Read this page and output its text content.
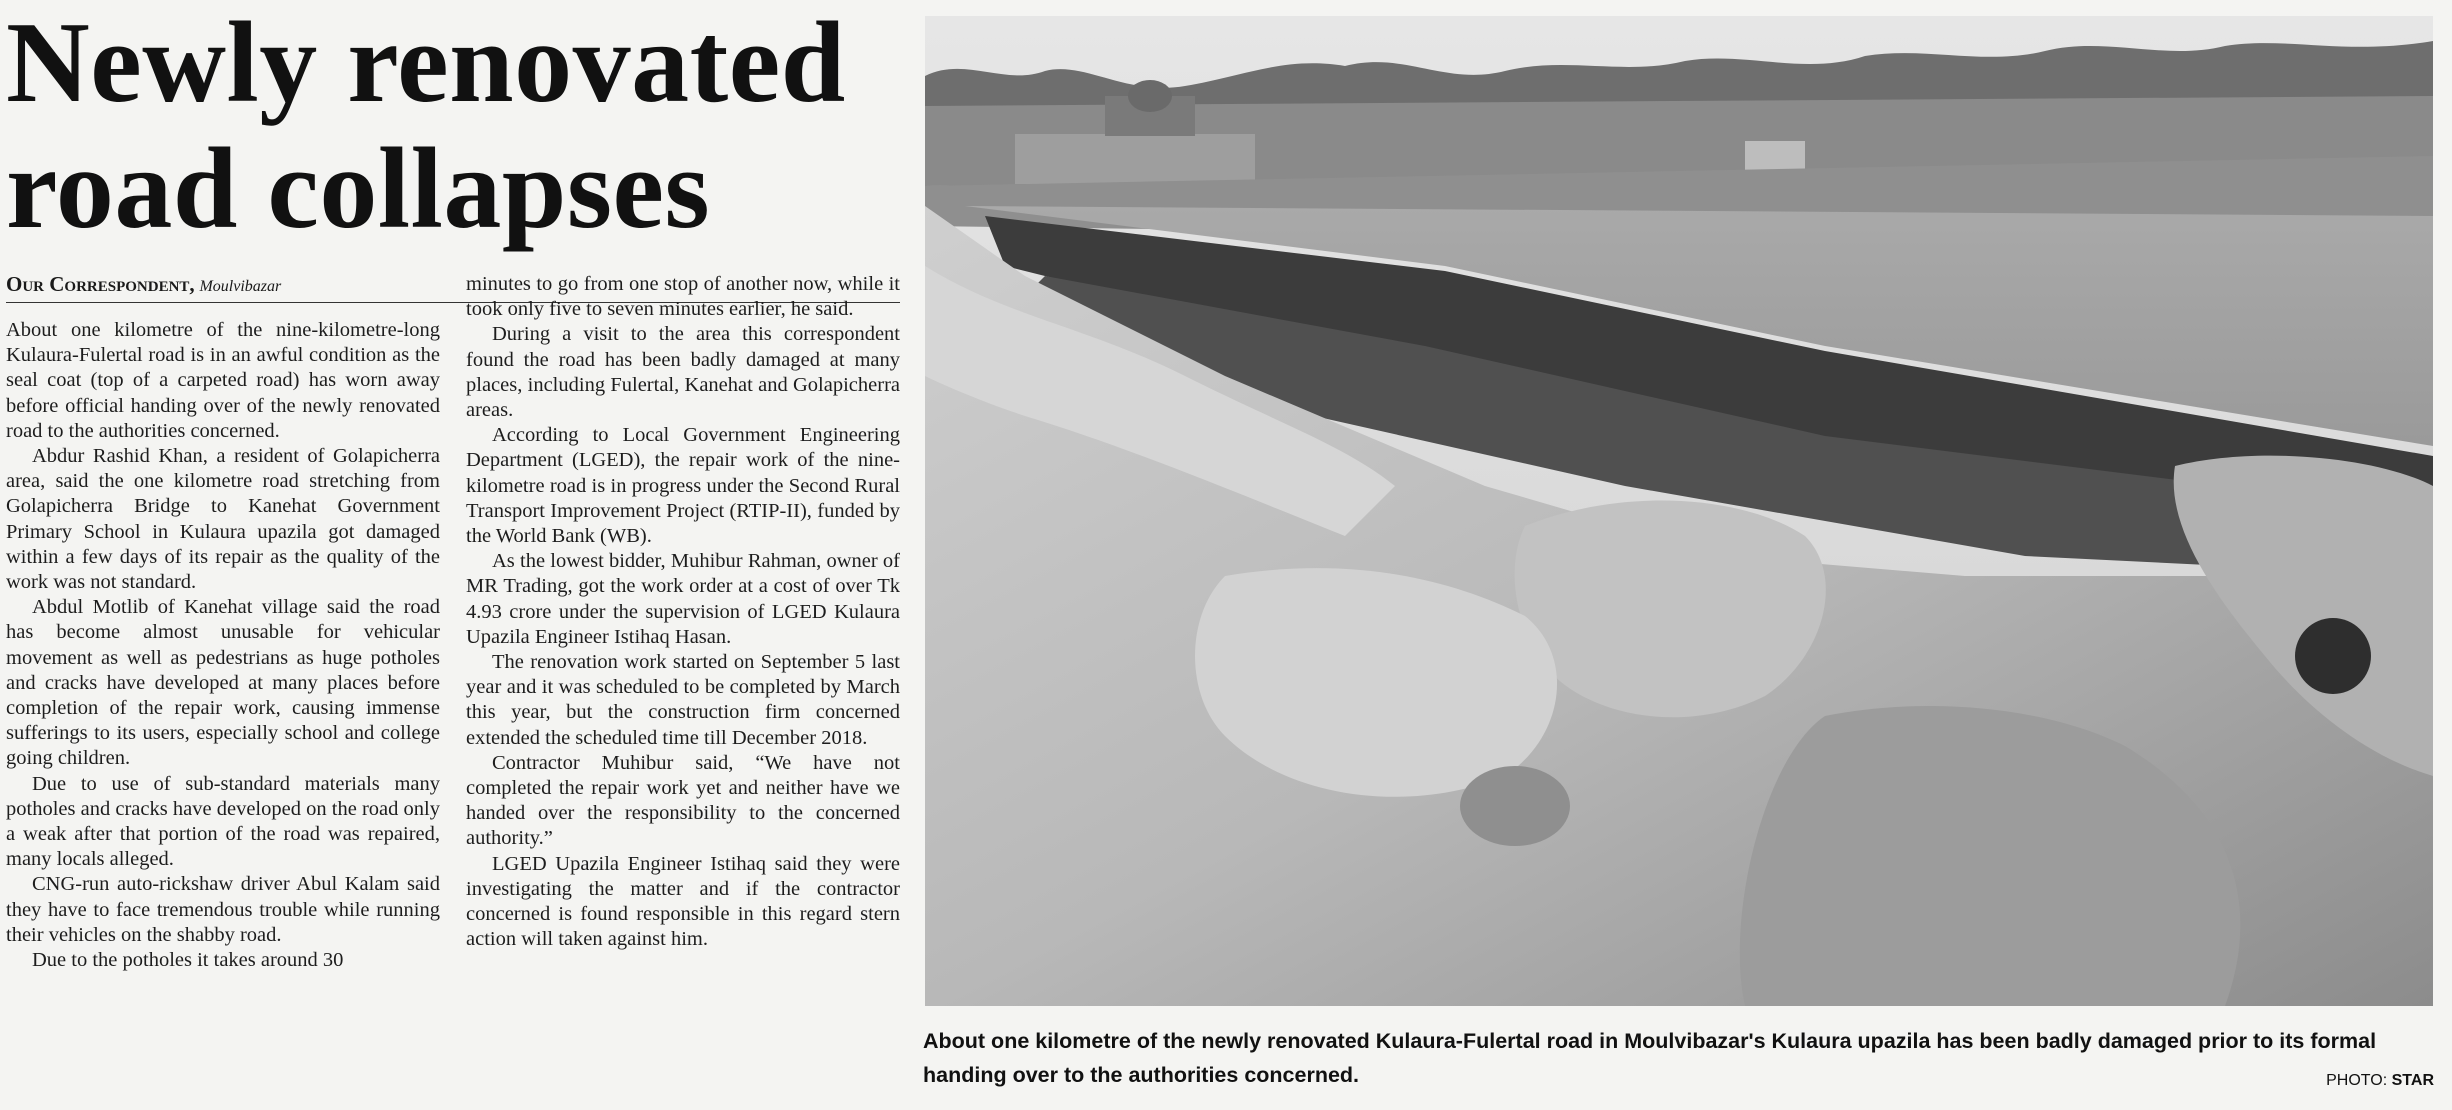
Newly renovated
road collapses
Our Correspondent, Moulvibazar

About one kilometre of the nine-kilometre-long Kulaura-Fulertal road is in an awful condition as the seal coat (top of a carpeted road) has worn away before official handing over of the newly renovated road to the authorities concerned.

Abdur Rashid Khan, a resident of Golapicherra area, said the one kilometre road stretching from Golapicherra Bridge to Kanehat Government Primary School in Kulaura upazila got damaged within a few days of its repair as the quality of the work was not standard.

Abdul Motlib of Kanehat village said the road has become almost unusable for vehicular movement as well as pedestrians as huge potholes and cracks have developed at many places before completion of the repair work, causing immense sufferings to its users, especially school and college going children.

Due to use of sub-standard materials many potholes and cracks have developed on the road only a weak after that portion of the road was repaired, many locals alleged.

CNG-run auto-rickshaw driver Abul Kalam said they have to face tremendous trouble while running their vehicles on the shabby road.

Due to the potholes it takes around 30

minutes to go from one stop of another now, while it took only five to seven minutes earlier, he said.

During a visit to the area this correspondent found the road has been badly damaged at many places, including Fulertal, Kanehat and Golapicherra areas.

According to Local Government Engineering Department (LGED), the repair work of the nine-kilometre road is in progress under the Second Rural Transport Improvement Project (RTIP-II), funded by the World Bank (WB).

As the lowest bidder, Muhibur Rahman, owner of MR Trading, got the work order at a cost of over Tk 4.93 crore under the supervision of LGED Kulaura Upazila Engineer Istihaq Hasan.

The renovation work started on September 5 last year and it was scheduled to be completed by March this year, but the construction firm concerned extended the scheduled time till December 2018.

Contractor Muhibur said, “We have not completed the repair work yet and neither have we handed over the responsibility to the concerned authority.”

LGED Upazila Engineer Istihaq said they were investigating the matter and if the contractor concerned is found responsible in this regard stern action will taken against him.

About one kilometre of the newly renovated Kulaura-Fulertal road in Moulvibazar's Kulaura upazila has been badly damaged prior to its formal handing over to the authorities concerned.	PHOTO: STAR
